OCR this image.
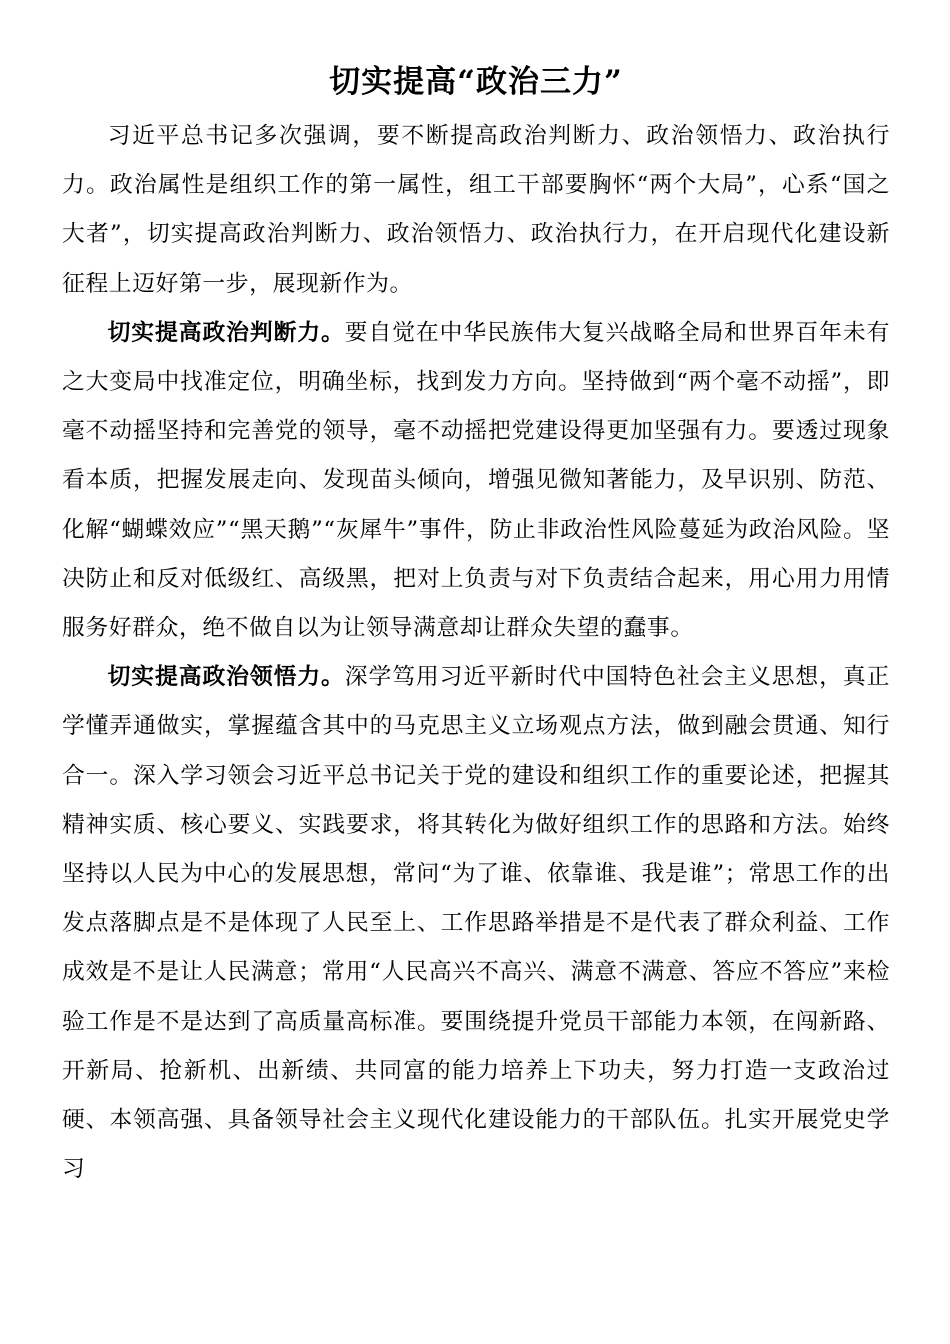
切实提高“政治三力”

习近平总书记多次强调，要不断提高政治判断力、政治领悟力、政治执行力。政治属性是组织工作的第一属性，组工干部要胸怀“两个大局”，心系“国之大者”，切实提高政治判断力、政治领悟力、政治执行力，在开启现代化建设新征程上迈好第一步，展现新作为。

切实提高政治判断力。要自觉在中华民族伟大复兴战略全局和世界百年未有之大变局中找准定位，明确坐标，找到发力方向。坚持做到“两个毫不动摇”，即毫不动摇坚持和完善党的领导，毫不动摇把党建设得更加坚强有力。要透过现象看本质，把握发展走向、发现苗头倾向，增强见微知著能力，及早识别、防范、化解“蝴蝶效应”“黑天鹅”“灰犀牛”事件，防止非政治性风险蔓延为政治风险。坚决防止和反对低级红、高级黑，把对上负责与对下负责结合起来，用心用力用情服务好群众，绝不做自以为让领导满意却让群众失望的蠢事。

切实提高政治领悟力。深学笃用习近平新时代中国特色社会主义思想，真正学懂弄通做实，掌握蕴含其中的马克思主义立场观点方法，做到融会贯通、知行合一。深入学习领会习近平总书记关于党的建设和组织工作的重要论述，把握其精神实质、核心要义、实践要求，将其转化为做好组织工作的思路和方法。始终坚持以人民为中心的发展思想，常问“为了谁、依靠谁、我是谁”；常思工作的出发点落脚点是不是体现了人民至上、工作思路举措是不是代表了群众利益、工作成效是不是让人民满意；常用“人民高兴不高兴、满意不满意、答应不答应”来检验工作是不是达到了高质量高标准。要围绕提升党员干部能力本领，在闯新路、开新局、抢新机、出新绩、共同富的能力培养上下功夫，努力打造一支政治过硬、本领高强、具备领导社会主义现代化建设能力的干部队伍。扎实开展党史学习
